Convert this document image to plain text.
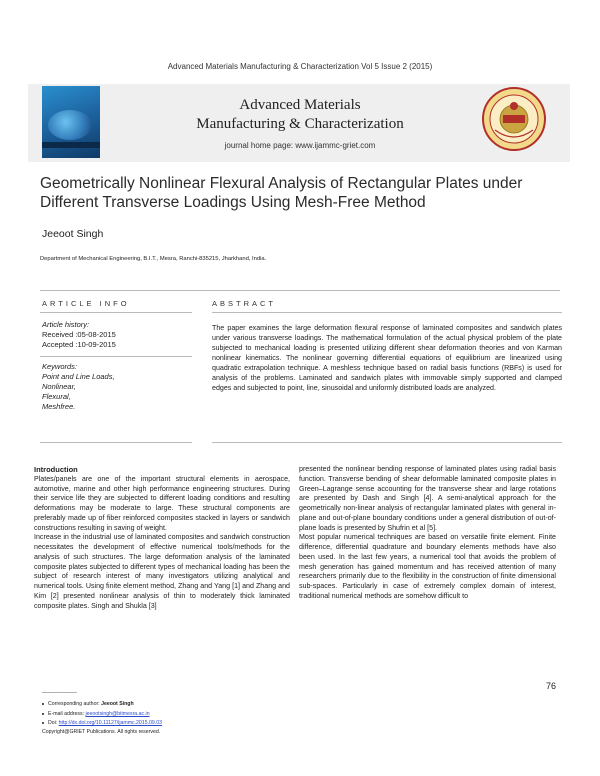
Advanced Materials Manufacturing & Characterization Vol 5 Issue 2 (2015)
Advanced Materials
Manufacturing & Characterization
journal home page: www.ijammc-griet.com
Geometrically Nonlinear Flexural Analysis of Rectangular Plates under
Different Transverse Loadings Using Mesh-Free Method
Jeeoot Singh
Department of Mechanical Engineering, B.I.T., Mesra, Ranchi-835215, Jharkhand, India.
ARTICLE INFO	ABSTRACT
Article history:
Received :05-08-2015
Accepted :10-09-2015
Keywords:
Point and Line Loads,
Nonlinear,
Flexural,
Meshfree.
The paper examines the large deformation flexural response of laminated composites and sandwich plates under various transverse loadings. The mathematical formulation of the actual physical problem of the plate subjected to mechanical loading is presented utilizing different shear deformation theories and von Karman nonlinear kinematics. The nonlinear governing differential equations of equilibrium are linearized using quadratic extrapolation technique. A meshless technique based on radial basis functions (RBFs) is used for analysis of the problems. Laminated and sandwich plates with immovable simply supported and clamped edges and subjected to point, line, sinusoidal and uniformly distributed loads are analyzed.

Introduction

Plates/panels are one of the important structural elements in aerospace, automotive, marine and other high performance engineering structures. During their service life they are subjected to different loading conditions and resulting deformations may be moderate to large. These structural components are preferably made up of fiber reinforced composites stacked in layers or sandwich constructions resulting in saving of weight.

Increase in the industrial use of laminated composites and sandwich construction necessitates the development of effective numerical tools/methods for the analysis of such structures. The large deformation analysis of the laminated composite plates subjected to different types of mechanical loading has been the subject of research interest of many investigators utilizing analytical and numerical tools. Using finite element method, Zhang and Yang [1] and Zhang and Kim [2] presented nonlinear analysis of thin to moderately thick laminated composite plates. Singh and Shukla [3]

presented the nonlinear bending response of laminated plates using radial basis function. Transverse bending of shear deformable laminated composite plates in Green–Lagrange sense accounting for the transverse shear and large rotations are presented by Dash and Singh [4]. A semi-analytical approach for the geometrically non-linear analysis of rectangular laminated plates with general in-plane and out-of-plane boundary conditions under a general distribution of out-of-plane loads is presented by Shufrin et al [5].

Most popular numerical techniques are based on versatile finite element. Finite difference, differential quadrature and boundary elements methods have also been used. In the last few years, a numerical tool that avoids the problem of mesh generation has gained momentum and has received attention of many researchers primarily due to the flexibility in the construction of finite dimensional sub-spaces. Particularly in case of extremely complex domain of interest, traditional numerical methods are somehow difficult to

76
____________
Corresponding author: Jeeoot Singh
E-mail address: jeeootsingh@bitmesra.ac.in
Doi: http://dx.doi.org/10.11127/ijammc.2015.09.03
Copyright@GRIET Publications. All rights reserved.
